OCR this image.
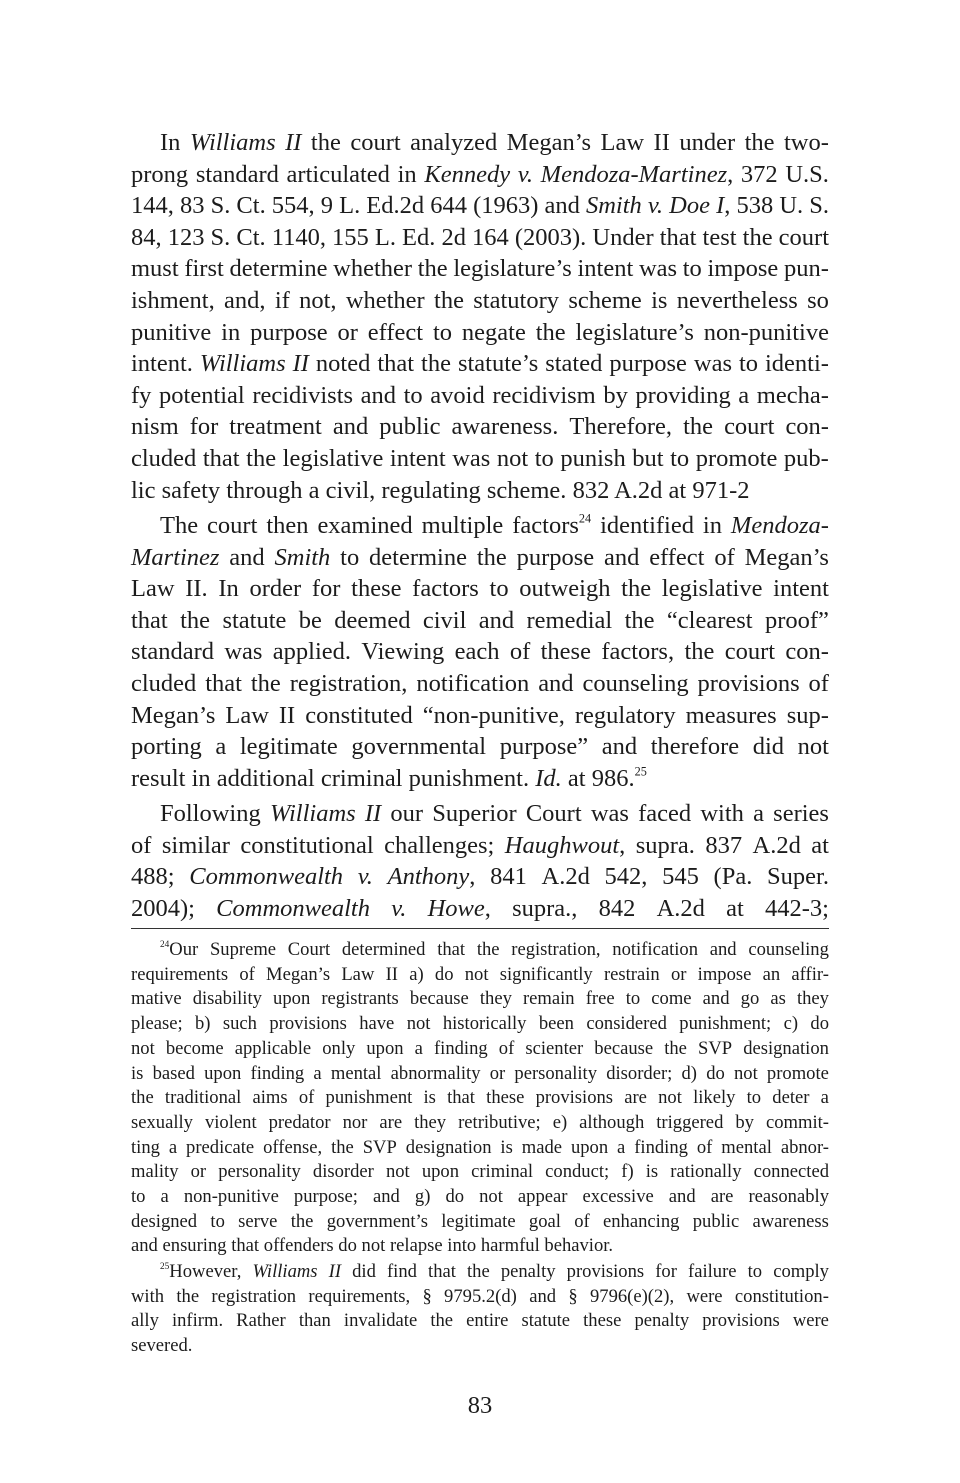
In Williams II the court analyzed Megan’s Law II under the two-
prong standard articulated in Kennedy v. Mendoza-Martinez, 372 U.S.
144, 83 S. Ct. 554, 9 L. Ed.2d 644 (1963) and Smith v. Doe I, 538 U. S.
84, 123 S. Ct. 1140, 155 L. Ed. 2d 164 (2003). Under that test the court
must first determine whether the legislature’s intent was to impose pun-
ishment, and, if not, whether the statutory scheme is nevertheless so
punitive in purpose or effect to negate the legislature’s non-punitive
intent. Williams II noted that the statute’s stated purpose was to identi-
fy potential recidivists and to avoid recidivism by providing a mecha-
nism for treatment and public awareness. Therefore, the court con-
cluded that the legislative intent was not to punish but to promote pub-
lic safety through a civil, regulating scheme. 832 A.2d at 971-2
The court then examined multiple factors$^{24}$ identified in Mendoza-
Martinez and Smith to determine the purpose and effect of Megan’s
Law II. In order for these factors to outweigh the legislative intent
that the statute be deemed civil and remedial the “clearest proof”
standard was applied. Viewing each of these factors, the court con-
cluded that the registration, notification and counseling provisions of
Megan’s Law II constituted “non-punitive, regulatory measures sup-
porting a legitimate governmental purpose” and therefore did not
result in additional criminal punishment. Id. at 986.25
Following Williams II our Superior Court was faced with a series
of similar constitutional challenges; Haughwout, supra. 837 A.2d at
488; Commonwealth v. Anthony, 841 A.2d 542, 545 (Pa. Super.
2004); Commonwealth v. Howe, supra., 842 A.2d at 442-3;
$^{24}$Our Supreme Court determined that the registration, notification and counseling
requirements of Megan’s Law II a) do not significantly restrain or impose an affir-
mative disability upon registrants because they remain free to come and go as they
please; b) such provisions have not historically been considered punishment; c) do
not become applicable only upon a finding of scienter because the SVP designation
is based upon finding a mental abnormality or personality disorder; d) do not promote
the traditional aims of punishment is that these provisions are not likely to deter a
sexually violent predator nor are they retributive; e) although triggered by commit-
ting a predicate offense, the SVP designation is made upon a finding of mental abnor-
mality or personality disorder not upon criminal conduct; f) is rationally connected
to a non-punitive purpose; and g) do not appear excessive and are reasonably
designed to serve the government’s legitimate goal of enhancing public awareness
and ensuring that offenders do not relapse into harmful behavior.
$^{25}$However, Williams II did find that the penalty provisions for failure to comply
with the registration requirements, § 9795.2(d) and § 9796(e)(2), were constitution-
ally infirm. Rather than invalidate the entire statute these penalty provisions were
severed.
83
